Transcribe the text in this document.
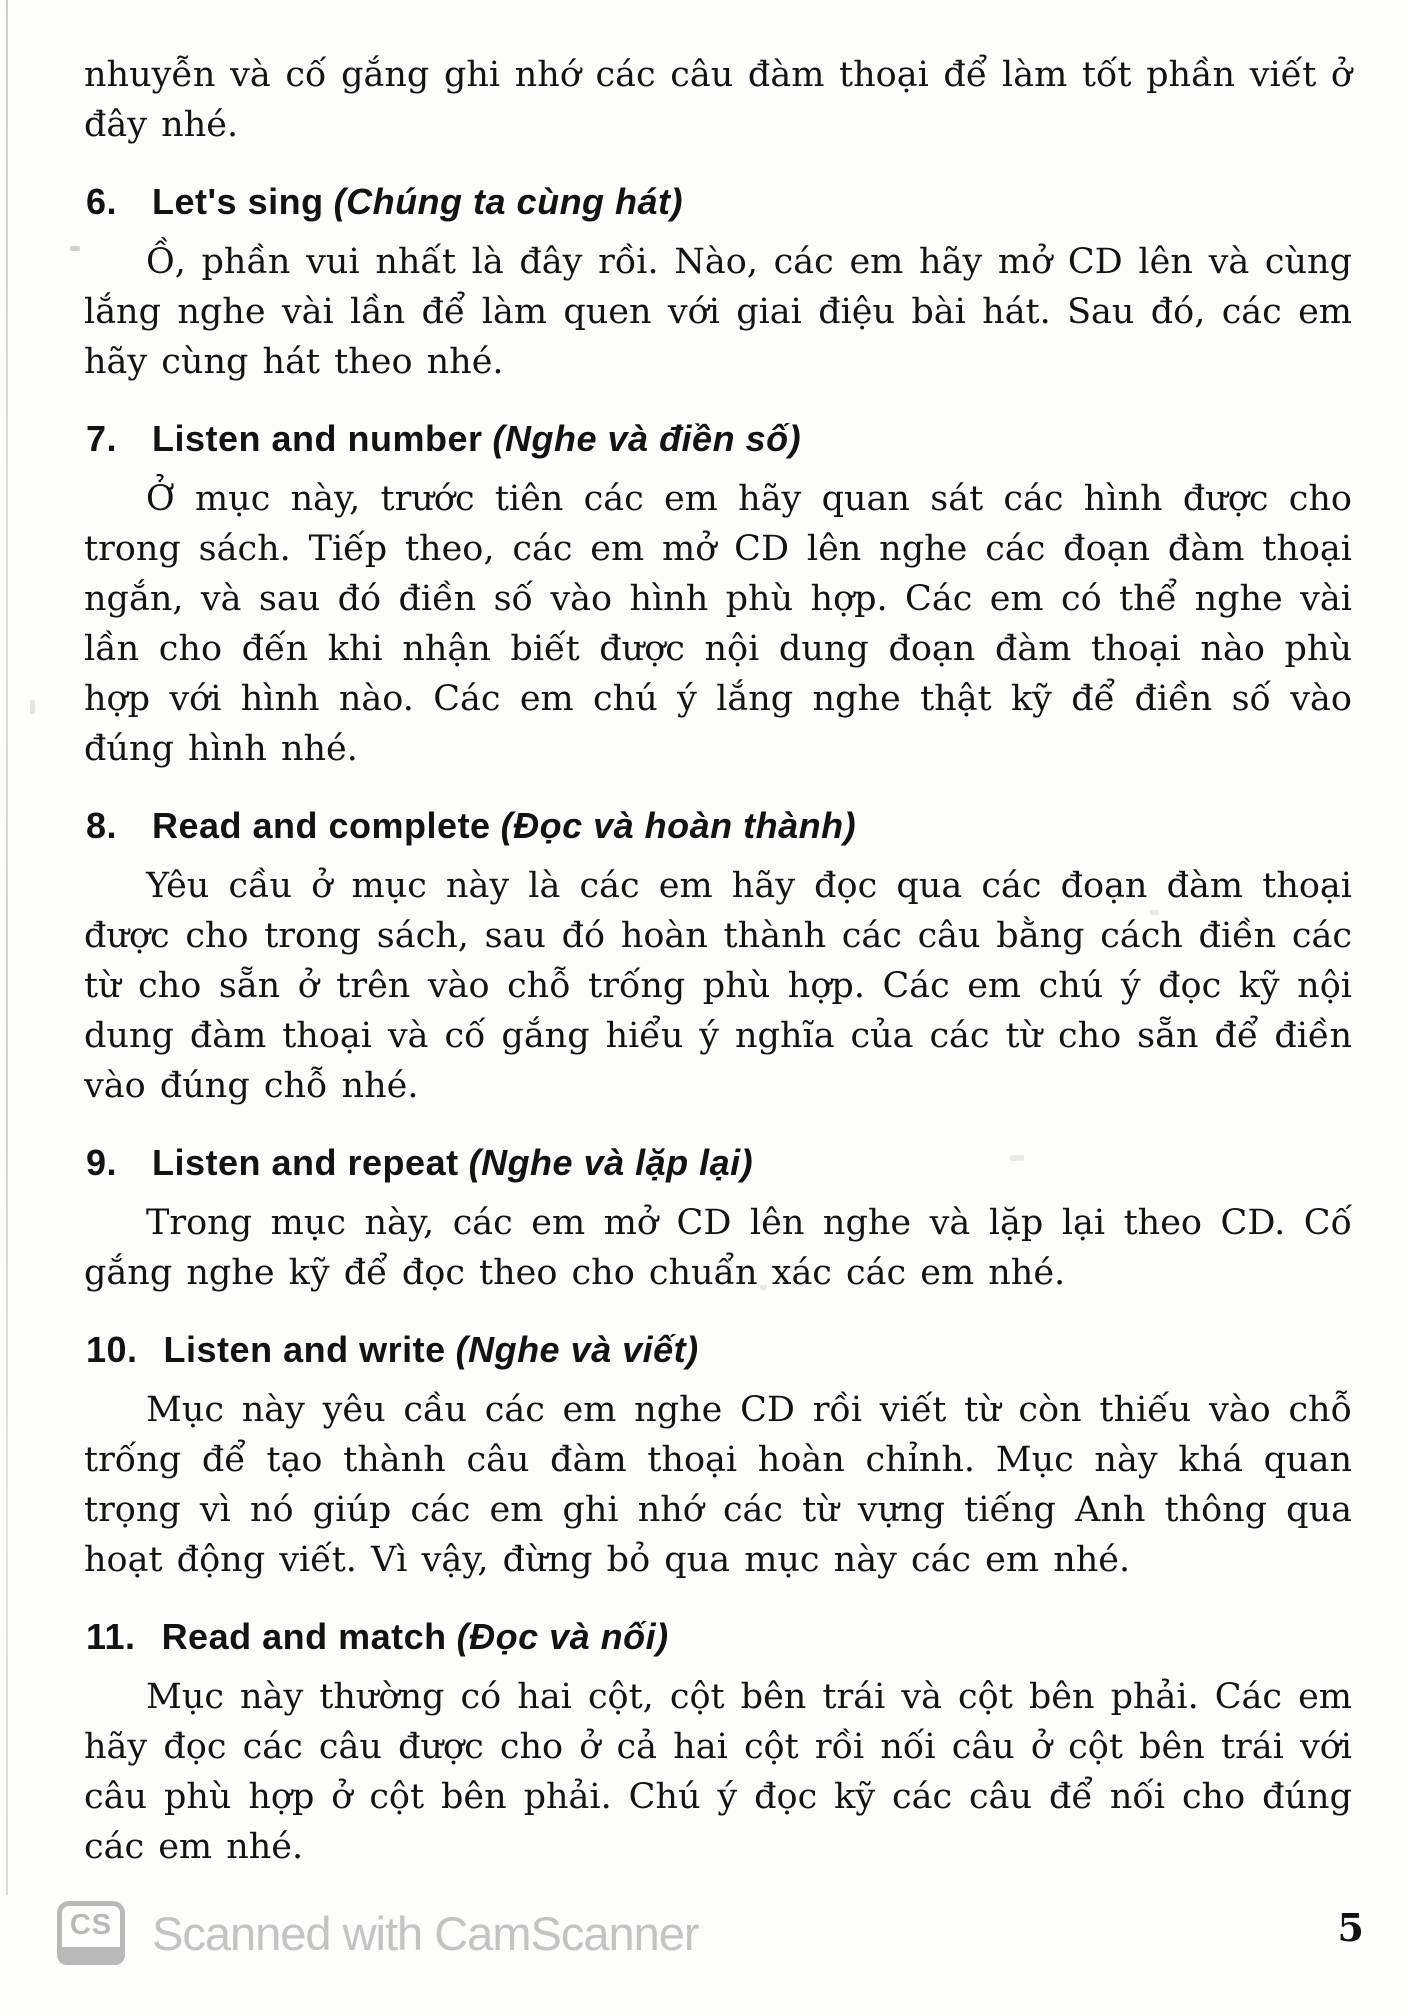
nhuyễn và cố gắng ghi nhớ các câu đàm thoại để làm tốt phần viết ở đây nhé.

6. Let's sing (Chúng ta cùng hát)

Ồ, phần vui nhất là đây rồi. Nào, các em hãy mở CD lên và cùng lắng nghe vài lần để làm quen với giai điệu bài hát. Sau đó, các em hãy cùng hát theo nhé.

7. Listen and number (Nghe và điền số)

Ở mục này, trước tiên các em hãy quan sát các hình được cho trong sách. Tiếp theo, các em mở CD lên nghe các đoạn đàm thoại ngắn, và sau đó điền số vào hình phù hợp. Các em có thể nghe vài lần cho đến khi nhận biết được nội dung đoạn đàm thoại nào phù hợp với hình nào. Các em chú ý lắng nghe thật kỹ để điền số vào đúng hình nhé.

8. Read and complete (Đọc và hoàn thành)

Yêu cầu ở mục này là các em hãy đọc qua các đoạn đàm thoại được cho trong sách, sau đó hoàn thành các câu bằng cách điền các từ cho sẵn ở trên vào chỗ trống phù hợp. Các em chú ý đọc kỹ nội dung đàm thoại và cố gắng hiểu ý nghĩa của các từ cho sẵn để điền vào đúng chỗ nhé.

9. Listen and repeat (Nghe và lặp lại)

Trong mục này, các em mở CD lên nghe và lặp lại theo CD. Cố gắng nghe kỹ để đọc theo cho chuẩn xác các em nhé.

10. Listen and write (Nghe và viết)

Mục này yêu cầu các em nghe CD rồi viết từ còn thiếu vào chỗ trống để tạo thành câu đàm thoại hoàn chỉnh. Mục này khá quan trọng vì nó giúp các em ghi nhớ các từ vựng tiếng Anh thông qua hoạt động viết. Vì vậy, đừng bỏ qua mục này các em nhé.

11. Read and match (Đọc và nối)

Mục này thường có hai cột, cột bên trái và cột bên phải. Các em hãy đọc các câu được cho ở cả hai cột rồi nối câu ở cột bên trái với câu phù hợp ở cột bên phải. Chú ý đọc kỹ các câu để nối cho đúng các em nhé.

CS Scanned with CamScanner	5
